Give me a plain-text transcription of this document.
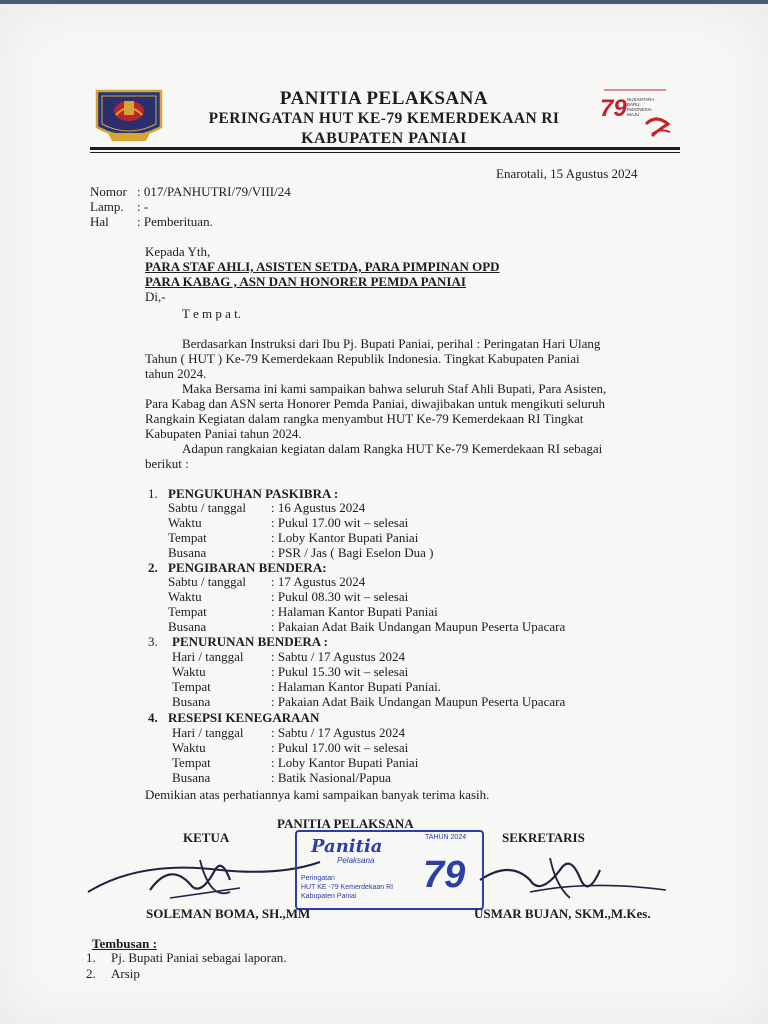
PANITIA PELAKSANA
PERINGATAN HUT KE-79 KEMERDEKAAN RI
KABUPATEN PANIAI
79 NUSANTARA
BARU
INDONESIA
MAJU
Enarotali, 15 Agustus 2024
Nomor : 017/PANHUTRI/79/VIII/24
Lamp. : -
Hal : Pemberituan.
Kepada Yth,
PARA STAF AHLI, ASISTEN SETDA, PARA PIMPINAN OPD
PARA KABAG , ASN DAN HONORER PEMDA PANIAI
Di,-
T e m p a t.
Berdasarkan Instruksi dari Ibu Pj. Bupati Paniai, perihal : Peringatan Hari Ulang
Tahun ( HUT ) Ke-79 Kemerdekaan Republik Indonesia. Tingkat Kabupaten Paniai
tahun 2024.
Maka Bersama ini kami sampaikan bahwa seluruh Staf Ahli Bupati, Para Asisten,
Para Kabag dan ASN serta Honorer Pemda Paniai, diwajibakan untuk mengikuti seluruh
Rangkain Kegiatan dalam rangka menyambut HUT Ke-79 Kemerdekaan RI Tingkat
Kabupaten Paniai tahun 2024.
Adapun rangkaian kegiatan dalam Rangka HUT Ke-79 Kemerdekaan RI sebagai
berikut :
1. PENGUKUHAN PASKIBRA :
Sabtu / tanggal : 16 Agustus 2024
Waktu	: Pukul 17.00 wit – selesai
Tempat	: Loby Kantor Bupati Paniai
Busana	: PSR / Jas ( Bagi Eselon Dua )
2. PENGIBARAN BENDERA:
Sabtu / tanggal : 17 Agustus 2024
Waktu	: Pukul 08.30 wit – selesai
Tempat	: Halaman Kantor Bupati Paniai
Busana	: Pakaian Adat Baik Undangan Maupun Peserta Upacara
3. PENURUNAN BENDERA :
Hari / tanggal : Sabtu / 17 Agustus 2024
Waktu	: Pukul 15.30 wit – selesai
Tempat	: Halaman Kantor Bupati Paniai.
Busana	: Pakaian Adat Baik Undangan Maupun Peserta Upacara
4. RESEPSI KENEGARAAN
Hari / tanggal : Sabtu / 17 Agustus 2024
Waktu	: Pukul 17.00 wit – selesai
Tempat	: Loby Kantor Bupati Paniai
Busana	: Batik Nasional/Papua
Demikian atas perhatiannya kami sampaikan banyak terima kasih.
PANITIA PELAKSANA
KETUA	SEKRETARIS
Panitia
Pelaksana
TAHUN 2024
Peringatan
HUT KE -79 Kemerdekaan RI
Kabupaten Paniai
79
SOLEMAN BOMA, SH.,MM	USMAR BUJAN, SKM.,M.Kes.
Tembusan :
1. Pj. Bupati Paniai sebagai laporan.
2. Arsip
